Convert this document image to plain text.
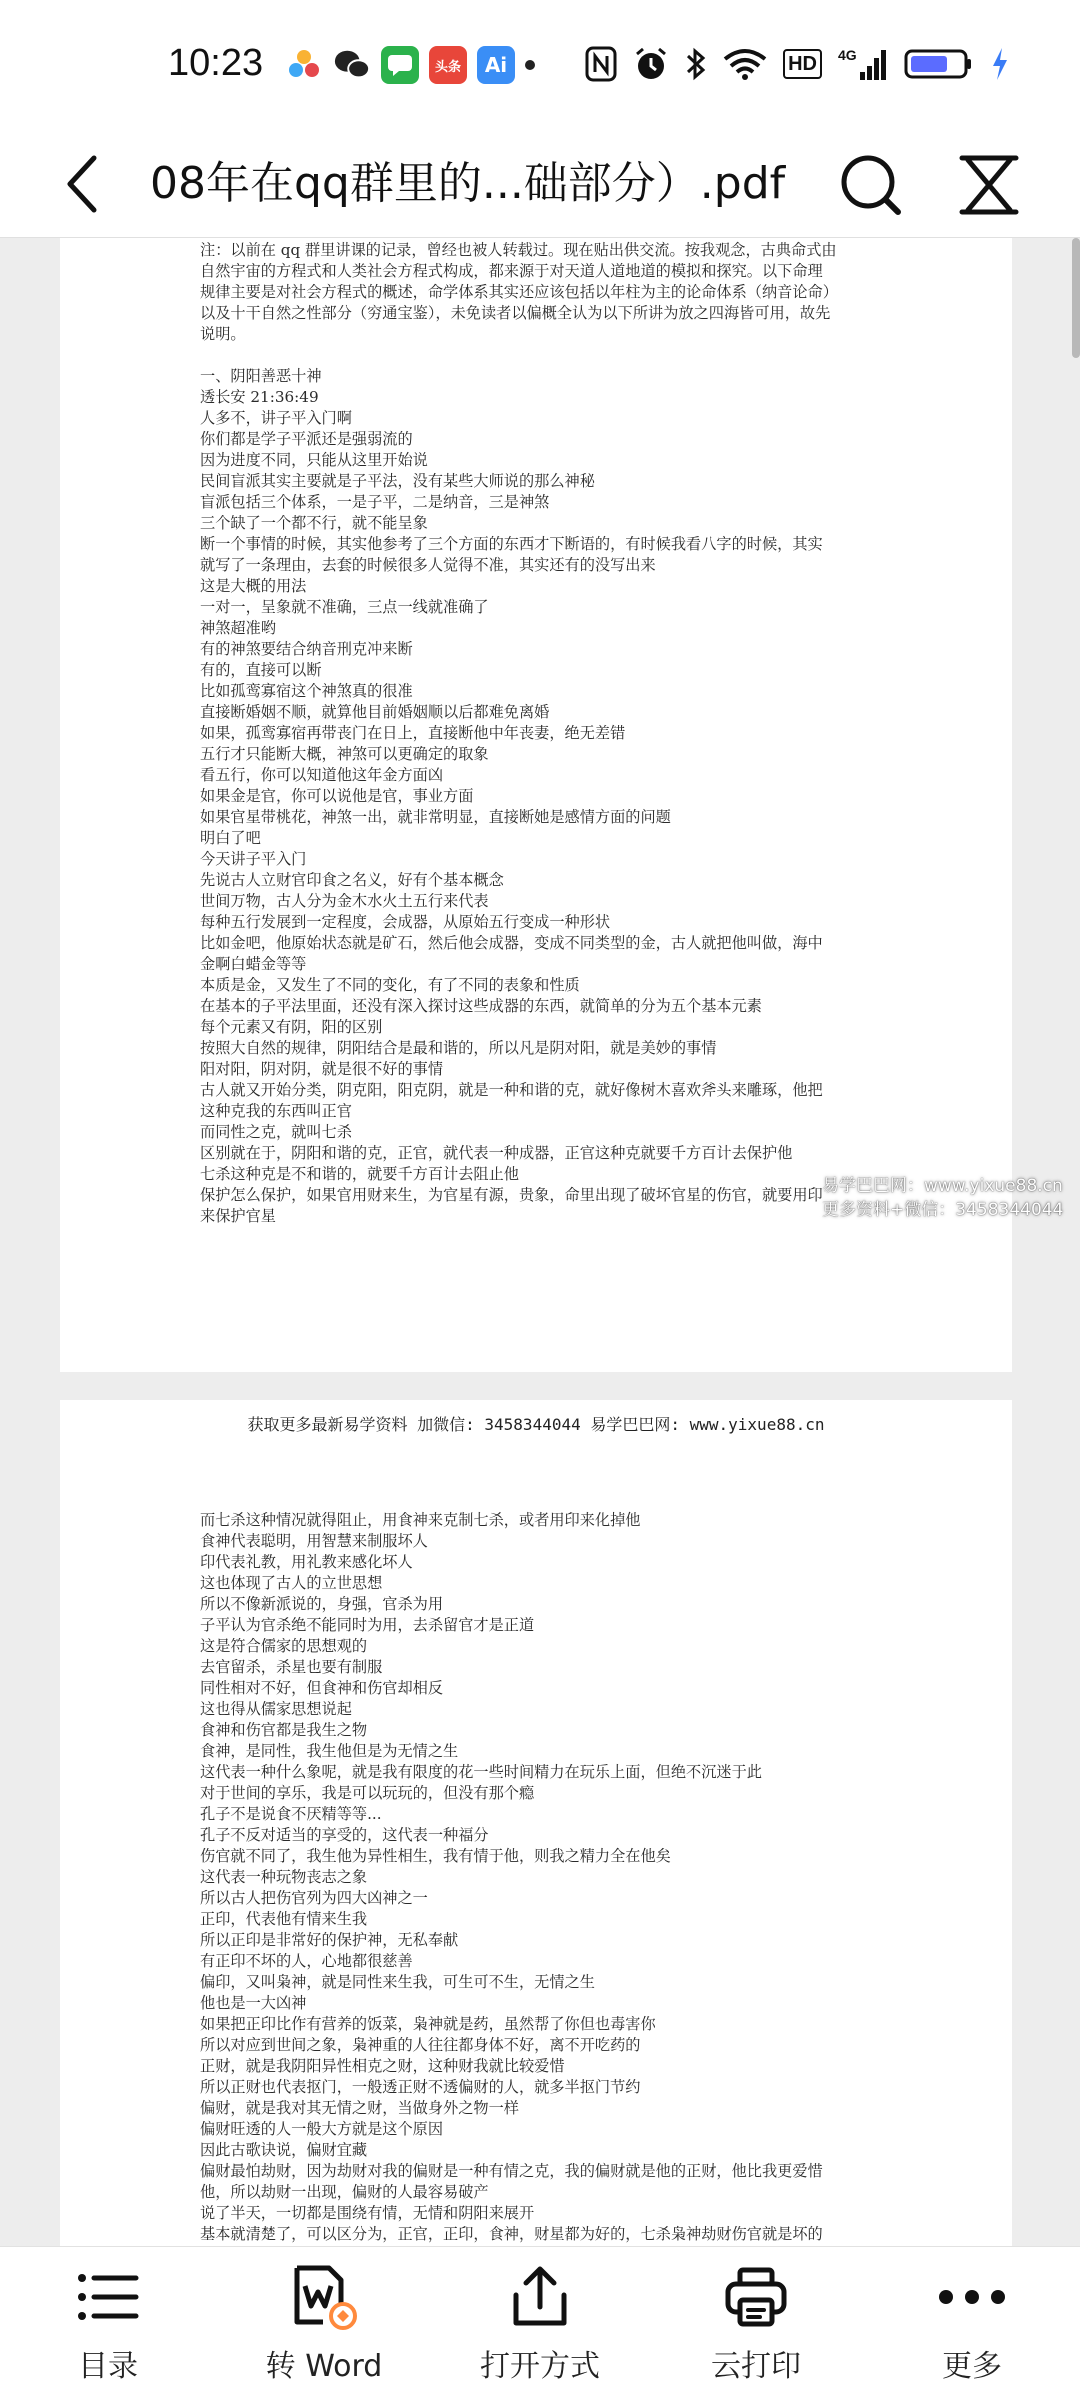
10:23	头条	Ai	HD	4G
08年在qq群里的...础部分）.pdf
注：以前在 qq 群里讲课的记录，曾经也被人转载过。现在贴出供交流。按我观念，古典命式由
自然宇宙的方程式和人类社会方程式构成，都来源于对天道人道地道的模拟和探究。以下命理
规律主要是对社会方程式的概述，命学体系其实还应该包括以年柱为主的论命体系（纳音论命）
以及十干自然之性部分（穷通宝鉴），未免读者以偏概全认为以下所讲为放之四海皆可用，故先
说明。
一、阴阳善恶十神
透长安 21:36:49
人多不，讲子平入门啊
你们都是学子平派还是强弱流的
因为进度不同，只能从这里开始说
民间盲派其实主要就是子平法，没有某些大师说的那么神秘
盲派包括三个体系，一是子平，二是纳音，三是神煞
三个缺了一个都不行，就不能呈象
断一个事情的时候，其实他参考了三个方面的东西才下断语的，有时候我看八字的时候，其实
就写了一条理由，去套的时候很多人觉得不准，其实还有的没写出来
这是大概的用法
一对一，呈象就不准确，三点一线就准确了
神煞超准哟
有的神煞要结合纳音刑克冲来断
有的，直接可以断
比如孤鸾寡宿这个神煞真的很准
直接断婚姻不顺，就算他目前婚姻顺以后都难免离婚
如果，孤鸾寡宿再带丧门在日上，直接断他中年丧妻，绝无差错
五行才只能断大概，神煞可以更确定的取象
看五行，你可以知道他这年金方面凶
如果金是官，你可以说他是官，事业方面
如果官星带桃花，神煞一出，就非常明显，直接断她是感情方面的问题
明白了吧
今天讲子平入门
先说古人立财官印食之名义，好有个基本概念
世间万物，古人分为金木水火土五行来代表
每种五行发展到一定程度，会成器，从原始五行变成一种形状
比如金吧，他原始状态就是矿石，然后他会成器，变成不同类型的金，古人就把他叫做，海中
金啊白蜡金等等
本质是金，又发生了不同的变化，有了不同的表象和性质
在基本的子平法里面，还没有深入探讨这些成器的东西，就简单的分为五个基本元素
每个元素又有阴，阳的区别
按照大自然的规律，阴阳结合是最和谐的，所以凡是阴对阳，就是美妙的事情
阳对阳，阴对阴，就是很不好的事情
古人就又开始分类，阴克阳，阳克阴，就是一种和谐的克，就好像树木喜欢斧头来雕琢，他把
这种克我的东西叫正官
而同性之克，就叫七杀
区别就在于，阴阳和谐的克，正官，就代表一种成器，正官这种克就要千方百计去保护他
七杀这种克是不和谐的，就要千方百计去阻止他
保护怎么保护，如果官用财来生，为官星有源，贵象，命里出现了破坏官星的伤官，就要用印
来保护官星
获取更多最新易学资料 加微信: 3458344044 易学巴巴网: www.yixue88.cn
而七杀这种情况就得阻止，用食神来克制七杀，或者用印来化掉他
食神代表聪明，用智慧来制服坏人
印代表礼教，用礼教来感化坏人
这也体现了古人的立世思想
所以不像新派说的，身强，官杀为用
子平认为官杀绝不能同时为用，去杀留官才是正道
这是符合儒家的思想观的
去官留杀，杀星也要有制服
同性相对不好，但食神和伤官却相反
这也得从儒家思想说起
食神和伤官都是我生之物
食神，是同性，我生他但是为无情之生
这代表一种什么象呢，就是我有限度的花一些时间精力在玩乐上面，但绝不沉迷于此
对于世间的享乐，我是可以玩玩的，但没有那个瘾
孔子不是说食不厌精等等...
孔子不反对适当的享受的，这代表一种福分
伤官就不同了，我生他为异性相生，我有情于他，则我之精力全在他矣
这代表一种玩物丧志之象
所以古人把伤官列为四大凶神之一
正印，代表他有情来生我
所以正印是非常好的保护神，无私奉献
有正印不坏的人，心地都很慈善
偏印，又叫枭神，就是同性来生我，可生可不生，无情之生
他也是一大凶神
如果把正印比作有营养的饭菜，枭神就是药，虽然帮了你但也毒害你
所以对应到世间之象，枭神重的人往往都身体不好，离不开吃药的
正财，就是我阴阳异性相克之财，这种财我就比较爱惜
所以正财也代表抠门，一般透正财不透偏财的人，就多半抠门节约
偏财，就是我对其无情之财，当做身外之物一样
偏财旺透的人一般大方就是这个原因
因此古歌诀说，偏财宜藏
偏财最怕劫财，因为劫财对我的偏财是一种有情之克，我的偏财就是他的正财，他比我更爱惜
他，所以劫财一出现，偏财的人最容易破产
说了半天，一切都是围绕有情，无情和阴阳来展开
基本就清楚了，可以区分为，正官，正印，食神，财星都为好的，七杀枭神劫财伤官就是坏的
易学巴巴网：www.yixue88.cn
更多资料+微信：3458344044
目录	转 Word	打开方式	云打印	更多
